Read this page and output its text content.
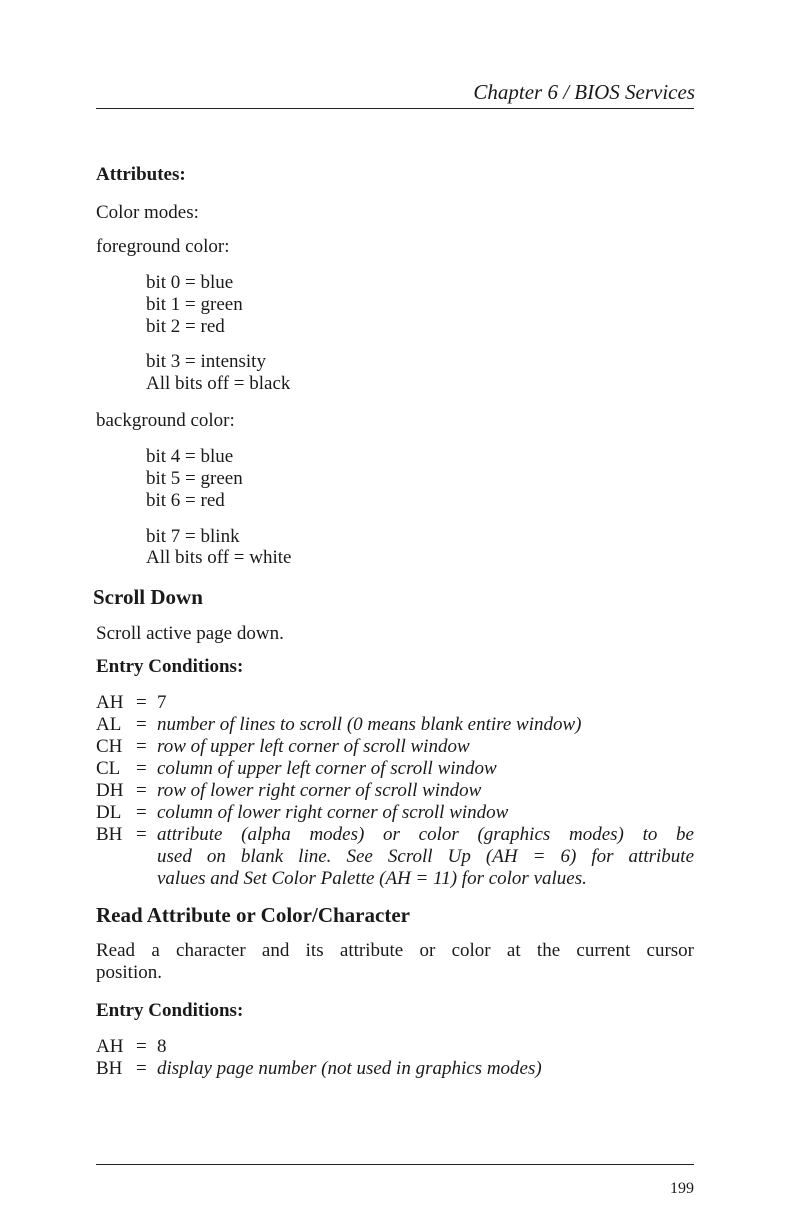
Chapter 6 / BIOS Services
Attributes:
Color modes:
foreground color:
bit 0 = blue
bit 1 = green
bit 2 = red
bit 3 = intensity
All bits off = black
background color:
bit 4 = blue
bit 5 = green
bit 6 = red
bit 7 = blink
All bits off = white
Scroll Down
Scroll active page down.
Entry Conditions:
AH = 7
AL = number of lines to scroll (0 means blank entire window)
CH = row of upper left corner of scroll window
CL = column of upper left corner of scroll window
DH = row of lower right corner of scroll window
DL = column of lower right corner of scroll window
BH = attribute (alpha modes) or color (graphics modes) to be
used on blank line. See Scroll Up (AH = 6) for attribute
values and Set Color Palette (AH = 11) for color values.
Read Attribute or Color/Character
Read a character and its attribute or color at the current cursor
position.
Entry Conditions:
AH = 8
BH = display page number (not used in graphics modes)
199
